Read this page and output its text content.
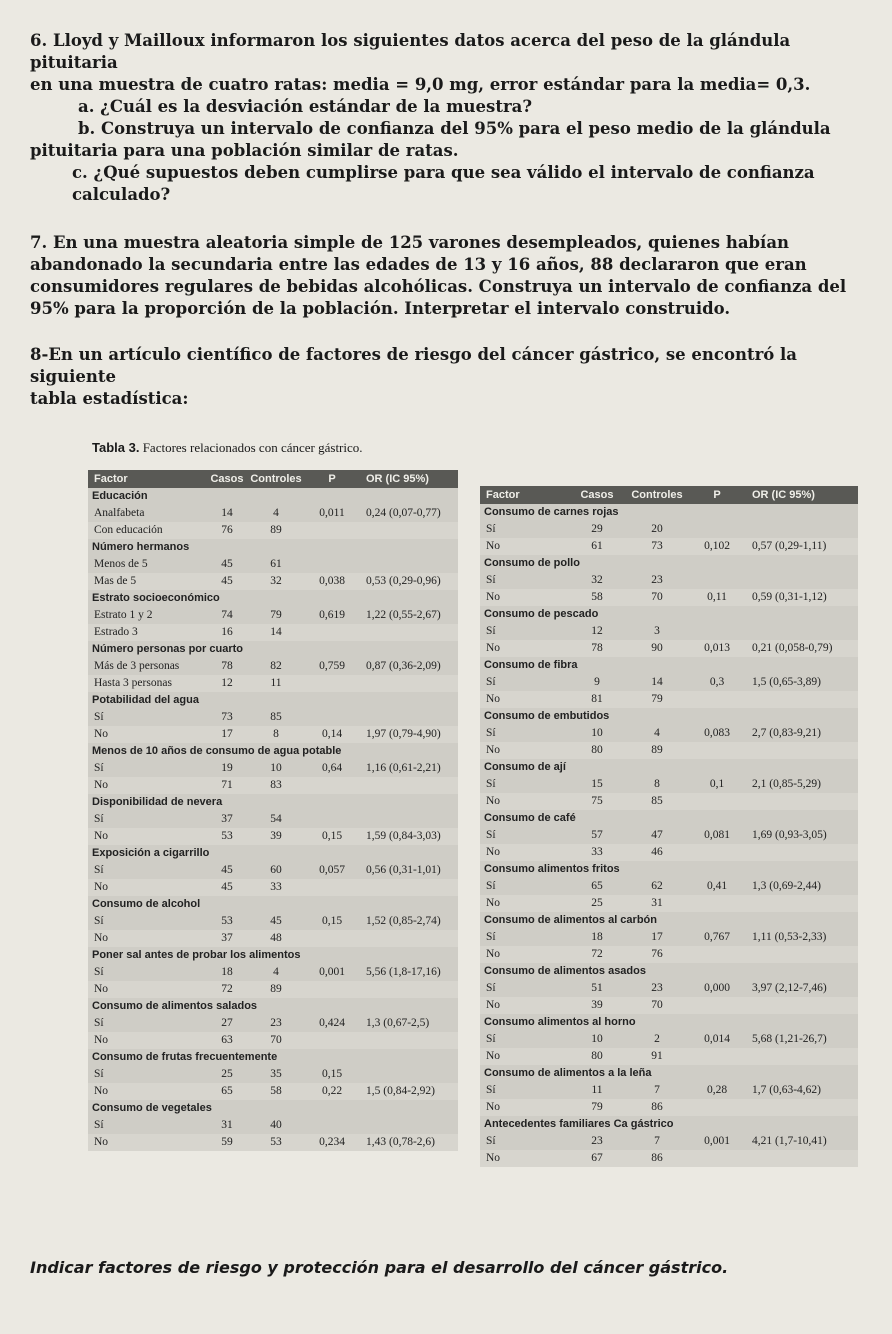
6. Lloyd y Mailloux informaron los siguientes datos acerca del peso de la glándula pituitaria

en una muestra de cuatro ratas: media = 9,0 mg, error estándar para la media= 0,3.

a. ¿Cuál es la desviación estándar de la muestra?

b. Construya un intervalo de confianza del 95% para el peso medio de la glándula

pituitaria para una población similar de ratas.

c. ¿Qué supuestos deben cumplirse para que sea válido el intervalo de confianza

calculado?

7. En una muestra aleatoria simple de 125 varones desempleados, quienes habían

abandonado la secundaria entre las edades de 13 y 16 años, 88 declararon que eran

consumidores regulares de bebidas alcohólicas. Construya un intervalo de confianza del

95% para la proporción de la población. Interpretar el intervalo construido.

8-En un artículo científico de factores de riesgo del cáncer gástrico, se encontró la siguiente

tabla estadística:

Tabla 3. Factores relacionados con cáncer gástrico.
Factor	Casos Controles	P	OR (IC 95%)
Educación
Analfabeta	14	4	0,011	0,24 (0,07-0,77)
Con educación	76	89
Número hermanos
Menos de 5	45	61
Mas de 5	45	32	0,038	0,53 (0,29-0,96)
Estrato socioeconómico
Estrato 1 y 2	74	79	0,619	1,22 (0,55-2,67)
Estrado 3	16	14
Número personas por cuarto
Más de 3 personas	78	82	0,759	0,87 (0,36-2,09)
Hasta 3 personas	12	11
Potabilidad del agua
Sí	73	85
No	17	8	0,14	1,97 (0,79-4,90)
Menos de 10 años de consumo de agua potable
Sí	19	10	0,64	1,16 (0,61-2,21)
No	71	83
Disponibilidad de nevera
Sí	37	54
No	53	39	0,15	1,59 (0,84-3,03)
Exposición a cigarrillo
Sí	45	60	0,057	0,56 (0,31-1,01)
No	45	33
Consumo de alcohol
Sí	53	45	0,15	1,52 (0,85-2,74)
No	37	48
Poner sal antes de probar los alimentos
Sí	18	4	0,001	5,56 (1,8-17,16)
No	72	89
Consumo de alimentos salados
Sí	27	23	0,424	1,3 (0,67-2,5)
No	63	70
Consumo de frutas frecuentemente
Sí	25	35	0,15
No	65	58	0,22	1,5 (0,84-2,92)
Consumo de vegetales
Sí	31	40
No	59	53	0,234	1,43 (0,78-2,6)
Factor	Casos	Controles	P	OR (IC 95%)
Consumo de carnes rojas
Sí	29	20
No	61	73	0,102	0,57 (0,29-1,11)
Consumo de pollo
Sí	32	23
No	58	70	0,11	0,59 (0,31-1,12)
Consumo de pescado
Sí	12	3
No	78	90	0,013	0,21 (0,058-0,79)
Consumo de fibra
Sí	9	14	0,3	1,5 (0,65-3,89)
No	81	79
Consumo de embutidos
Sí	10	4	0,083	2,7 (0,83-9,21)
No	80	89
Consumo de ají
Sí	15	8	0,1	2,1 (0,85-5,29)
No	75	85
Consumo de café
Sí	57	47	0,081	1,69 (0,93-3,05)
No	33	46
Consumo alimentos fritos
Sí	65	62	0,41	1,3 (0,69-2,44)
No	25	31
Consumo de alimentos al carbón
Sí	18	17	0,767	1,11 (0,53-2,33)
No	72	76
Consumo de alimentos asados
Sí	51	23	0,000	3,97 (2,12-7,46)
No	39	70
Consumo alimentos al horno
Sí	10	2	0,014	5,68 (1,21-26,7)
No	80	91
Consumo de alimentos a la leña
Sí	11	7	0,28	1,7 (0,63-4,62)
No	79	86
Antecedentes familiares Ca gástrico
Sí	23	7	0,001	4,21 (1,7-10,41)
No	67	86
Indicar factores de riesgo y protección para el desarrollo del cáncer gástrico.
